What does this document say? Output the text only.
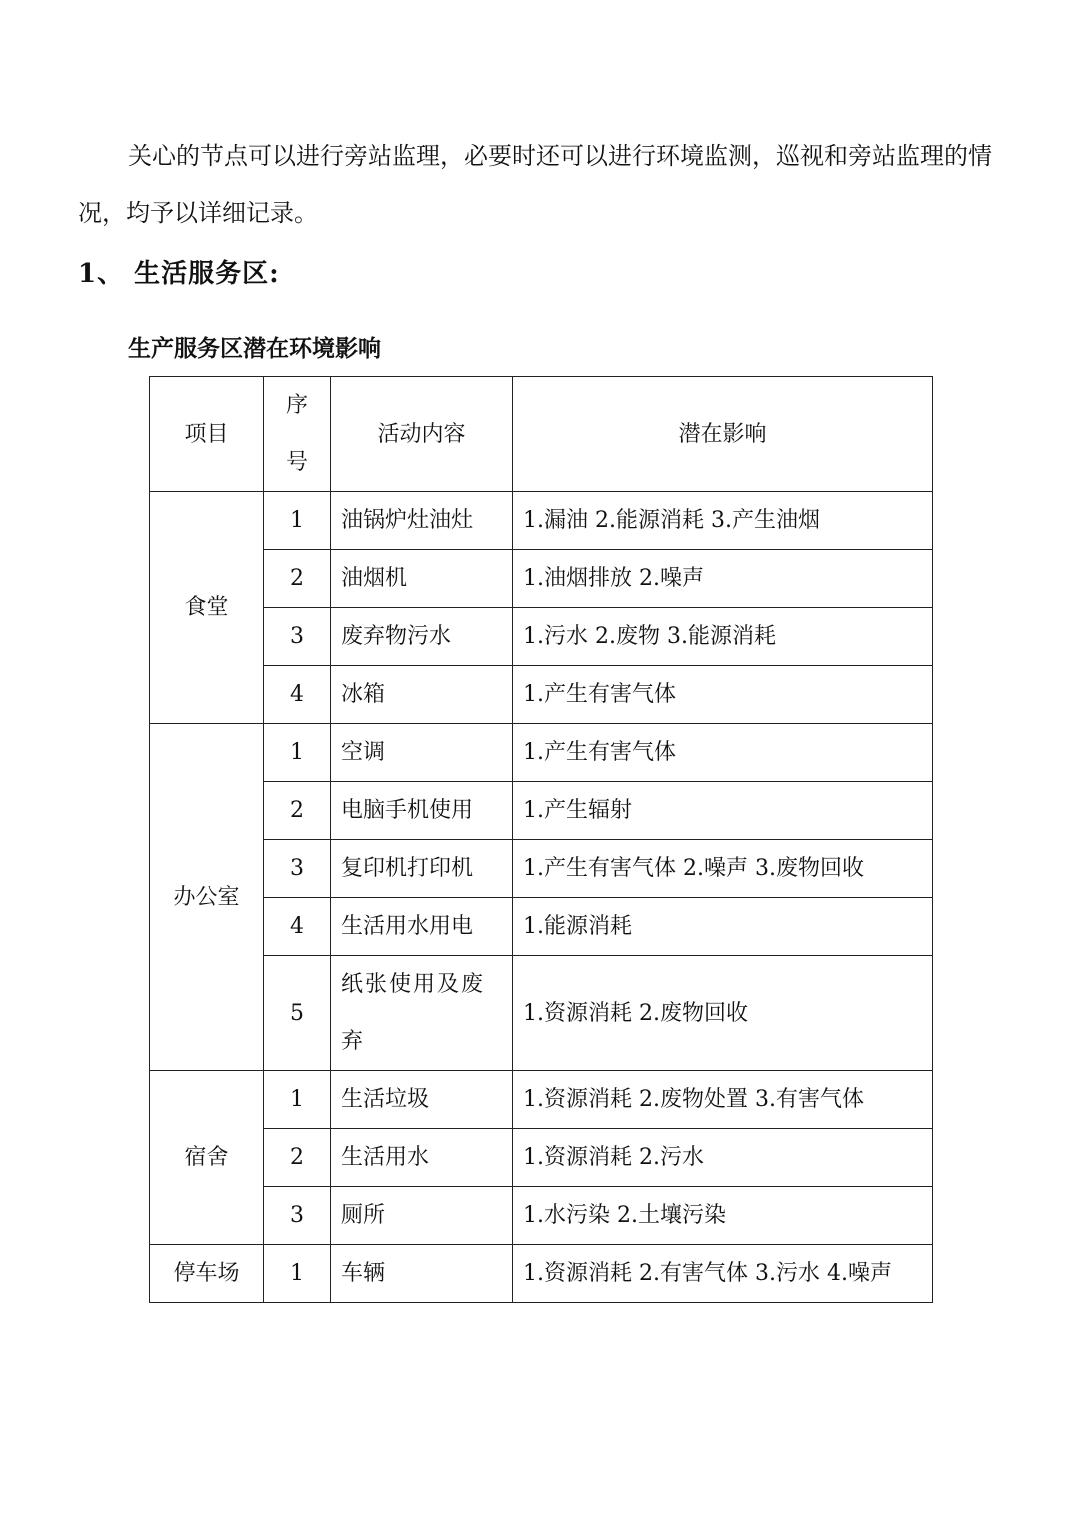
关心的节点可以进行旁站监理，必要时还可以进行环境监测，巡视和旁站监理的情况，均予以详细记录。

1、 生活服务区:
生产服务区潜在环境影响
项目	序号	活动内容	潜在影响
食堂	1	油锅炉灶油灶	1.漏油 2.能源消耗 3.产生油烟
	2	油烟机	1.油烟排放 2.噪声
	3	废弃物污水	1.污水 2.废物 3.能源消耗
	4	冰箱	1.产生有害气体
办公室	1	空调	1.产生有害气体
	2	电脑手机使用	1.产生辐射
	3	复印机打印机	1.产生有害气体 2.噪声 3.废物回收
	4	生活用水用电	1.能源消耗
	5	纸张使用及废弃	1.资源消耗 2.废物回收
宿舍	1	生活垃圾	1.资源消耗 2.废物处置 3.有害气体
	2	生活用水	1.资源消耗 2.污水
	3	厕所	1.水污染 2.土壤污染
停车场	1	车辆	1.资源消耗 2.有害气体 3.污水 4.噪声
